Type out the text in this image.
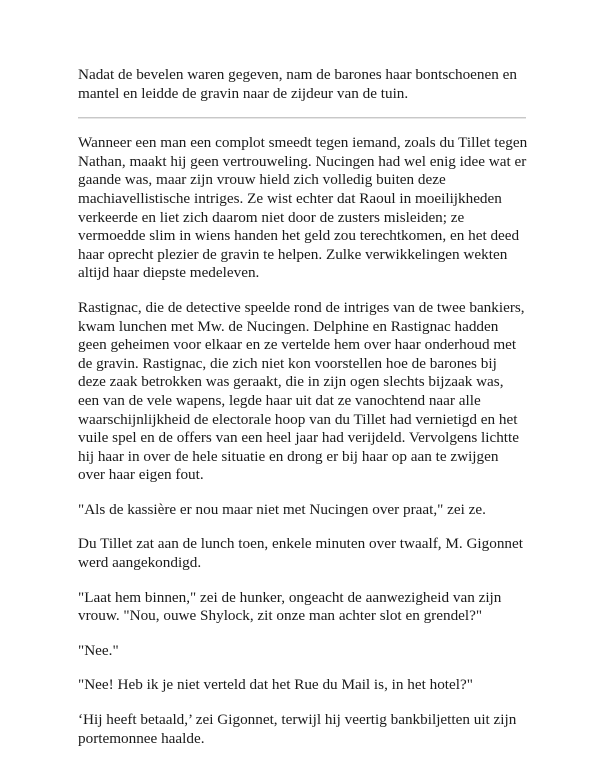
Nadat de bevelen waren gegeven, nam de barones haar bontschoenen en mantel en leidde de gravin naar de zijdeur van de tuin.

Wanneer een man een complot smeedt tegen iemand, zoals du Tillet tegen Nathan, maakt hij geen vertrouweling. Nucingen had wel enig idee wat er gaande was, maar zijn vrouw hield zich volledig buiten deze machiavellistische intriges. Ze wist echter dat Raoul in moeilijkheden verkeerde en liet zich daarom niet door de zusters misleiden; ze vermoedde slim in wiens handen het geld zou terechtkomen, en het deed haar oprecht plezier de gravin te helpen. Zulke verwikkelingen wekten altijd haar diepste medeleven.

Rastignac, die de detective speelde rond de intriges van de twee bankiers, kwam lunchen met Mw. de Nucingen. Delphine en Rastignac hadden geen geheimen voor elkaar en ze vertelde hem over haar onderhoud met de gravin. Rastignac, die zich niet kon voorstellen hoe de barones bij deze zaak betrokken was geraakt, die in zijn ogen slechts bijzaak was, een van de vele wapens, legde haar uit dat ze vanochtend naar alle waarschijnlijkheid de electorale hoop van du Tillet had vernietigd en het vuile spel en de offers van een heel jaar had verijdeld. Vervolgens lichtte hij haar in over de hele situatie en drong er bij haar op aan te zwijgen over haar eigen fout.

"Als de kassière er nou maar niet met Nucingen over praat," zei ze.

Du Tillet zat aan de lunch toen, enkele minuten over twaalf, M. Gigonnet werd aangekondigd.

"Laat hem binnen," zei de hunker, ongeacht de aanwezigheid van zijn vrouw. "Nou, ouwe Shylock, zit onze man achter slot en grendel?"

"Nee."

"Nee! Heb ik je niet verteld dat het Rue du Mail is, in het hotel?"

‘Hij heeft betaald,’ zei Gigonnet, terwijl hij veertig bankbiljetten uit zijn portemonnee haalde.
